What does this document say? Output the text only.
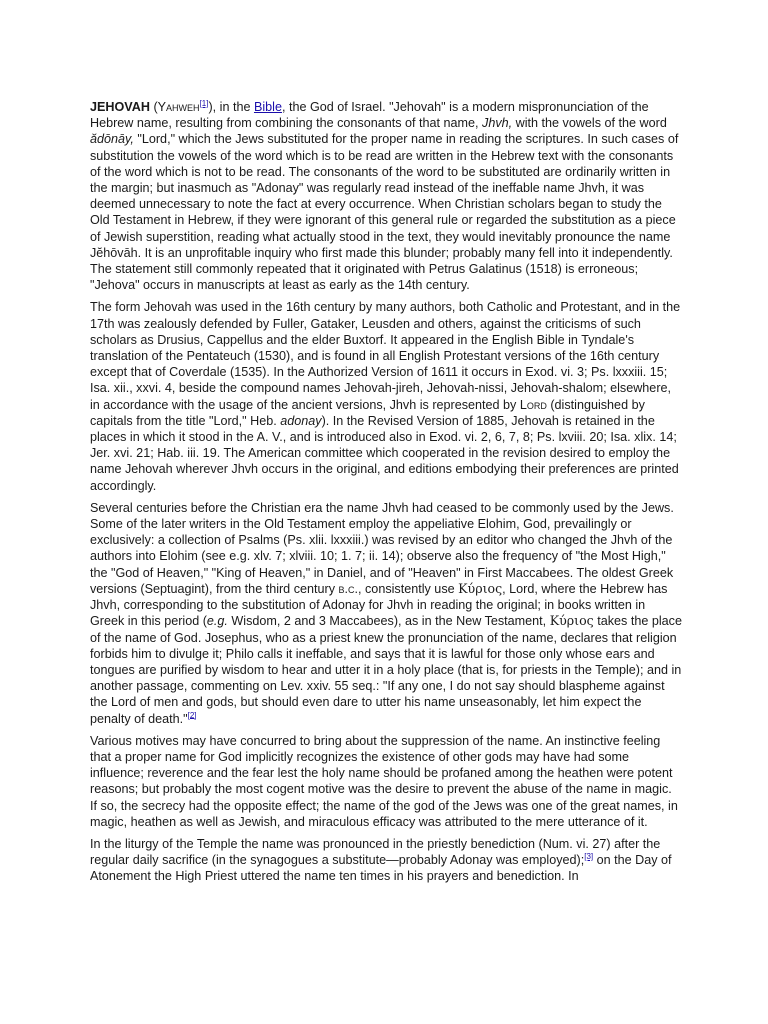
JEHOVAH (Yahweh[1]), in the Bible, the God of Israel. "Jehovah" is a modern mispronunciation of the Hebrew name, resulting from combining the consonants of that name, Jhvh, with the vowels of the word ădōnāy, "Lord," which the Jews substituted for the proper name in reading the scriptures. In such cases of substitution the vowels of the word which is to be read are written in the Hebrew text with the consonants of the word which is not to be read. The consonants of the word to be substituted are ordinarily written in the margin; but inasmuch as "Adonay" was regularly read instead of the ineffable name Jhvh, it was deemed unnecessary to note the fact at every occurrence. When Christian scholars began to study the Old Testament in Hebrew, if they were ignorant of this general rule or regarded the substitution as a piece of Jewish superstition, reading what actually stood in the text, they would inevitably pronounce the name Jĕhōvāh. It is an unprofitable inquiry who first made this blunder; probably many fell into it independently. The statement still commonly repeated that it originated with Petrus Galatinus (1518) is erroneous; "Jehova" occurs in manuscripts at least as early as the 14th century.

The form Jehovah was used in the 16th century by many authors, both Catholic and Protestant, and in the 17th was zealously defended by Fuller, Gataker, Leusden and others, against the criticisms of such scholars as Drusius, Cappellus and the elder Buxtorf. It appeared in the English Bible in Tyndale's translation of the Pentateuch (1530), and is found in all English Protestant versions of the 16th century except that of Coverdale (1535). In the Authorized Version of 1611 it occurs in Exod. vi. 3; Ps. lxxxiii. 15; Isa. xii., xxvi. 4, beside the compound names Jehovah-jireh, Jehovah-nissi, Jehovah-shalom; elsewhere, in accordance with the usage of the ancient versions, Jhvh is represented by Lord (distinguished by capitals from the title "Lord," Heb. adonay). In the Revised Version of 1885, Jehovah is retained in the places in which it stood in the A. V., and is introduced also in Exod. vi. 2, 6, 7, 8; Ps. lxviii. 20; Isa. xlix. 14; Jer. xvi. 21; Hab. iii. 19. The American committee which cooperated in the revision desired to employ the name Jehovah wherever Jhvh occurs in the original, and editions embodying their preferences are printed accordingly.

Several centuries before the Christian era the name Jhvh had ceased to be commonly used by the Jews. Some of the later writers in the Old Testament employ the appeliative Elohim, God, prevailingly or exclusively: a collection of Psalms (Ps. xlii. lxxxiii.) was revised by an editor who changed the Jhvh of the authors into Elohim (see e.g. xlv. 7; xlviii. 10; 1. 7; ii. 14); observe also the frequency of "the Most High," the "God of Heaven," "King of Heaven," in Daniel, and of "Heaven" in First Maccabees. The oldest Greek versions (Septuagint), from the third century b.c., consistently use Κύριος, Lord, where the Hebrew has Jhvh, corresponding to the substitution of Adonay for Jhvh in reading the original; in books written in Greek in this period (e.g. Wisdom, 2 and 3 Maccabees), as in the New Testament, Κύριος takes the place of the name of God. Josephus, who as a priest knew the pronunciation of the name, declares that religion forbids him to divulge it; Philo calls it ineffable, and says that it is lawful for those only whose ears and tongues are purified by wisdom to hear and utter it in a holy place (that is, for priests in the Temple); and in another passage, commenting on Lev. xxiv. 55 seq.: "If any one, I do not say should blaspheme against the Lord of men and gods, but should even dare to utter his name unseasonably, let him expect the penalty of death."[2]

Various motives may have concurred to bring about the suppression of the name. An instinctive feeling that a proper name for God implicitly recognizes the existence of other gods may have had some influence; reverence and the fear lest the holy name should be profaned among the heathen were potent reasons; but probably the most cogent motive was the desire to prevent the abuse of the name in magic. If so, the secrecy had the opposite effect; the name of the god of the Jews was one of the great names, in magic, heathen as well as Jewish, and miraculous efficacy was attributed to the mere utterance of it.

In the liturgy of the Temple the name was pronounced in the priestly benediction (Num. vi. 27) after the regular daily sacrifice (in the synagogues a substitute—probably Adonay was employed);[3] on the Day of Atonement the High Priest uttered the name ten times in his prayers and benediction. In
